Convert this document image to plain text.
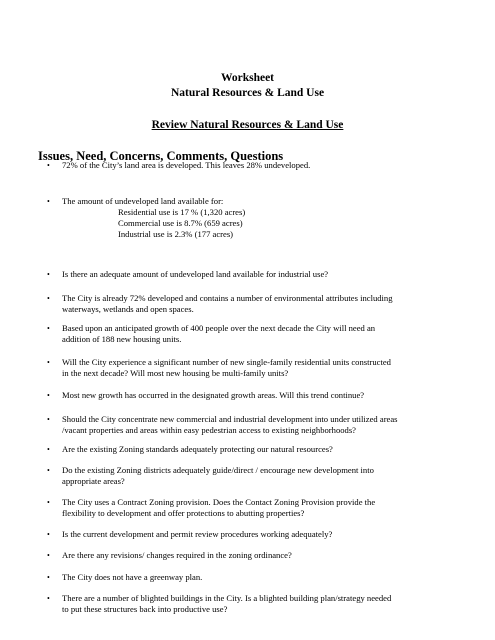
Worksheet
Natural Resources & Land Use
Review Natural Resources & Land Use
Issues, Need, Concerns, Comments, Questions
• 72% of the City’s land area is developed. This leaves 28% undeveloped.
• The amount of undeveloped land available for:
Residential use is 17 % (1,320 acres)
Commercial use is 8.7% (659 acres)
Industrial use is 2.3% (177 acres)
• Is there an adequate amount of undeveloped land available for industrial use?
• The City is already 72% developed and contains a number of environmental attributes including
waterways, wetlands and open spaces.
• Based upon an anticipated growth of 400 people over the next decade the City will need an
addition of 188 new housing units.
• Will the City experience a significant number of new single-family residential units constructed
in the next decade? Will most new housing be multi-family units?
• Most new growth has occurred in the designated growth areas. Will this trend continue?
• Should the City concentrate new commercial and industrial development into under utilized areas
/vacant properties and areas within easy pedestrian access to existing neighborhoods?
• Are the existing Zoning standards adequately protecting our natural resources?
• Do the existing Zoning districts adequately guide/direct / encourage new development into
appropriate areas?
• The City uses a Contract Zoning provision. Does the Contact Zoning Provision provide the
flexibility to development and offer protections to abutting properties?
• Is the current development and permit review procedures working adequately?
• Are there any revisions/ changes required in the zoning ordinance?
• The City does not have a greenway plan.
• There are a number of blighted buildings in the City. Is a blighted building plan/strategy needed
to put these structures back into productive use?
